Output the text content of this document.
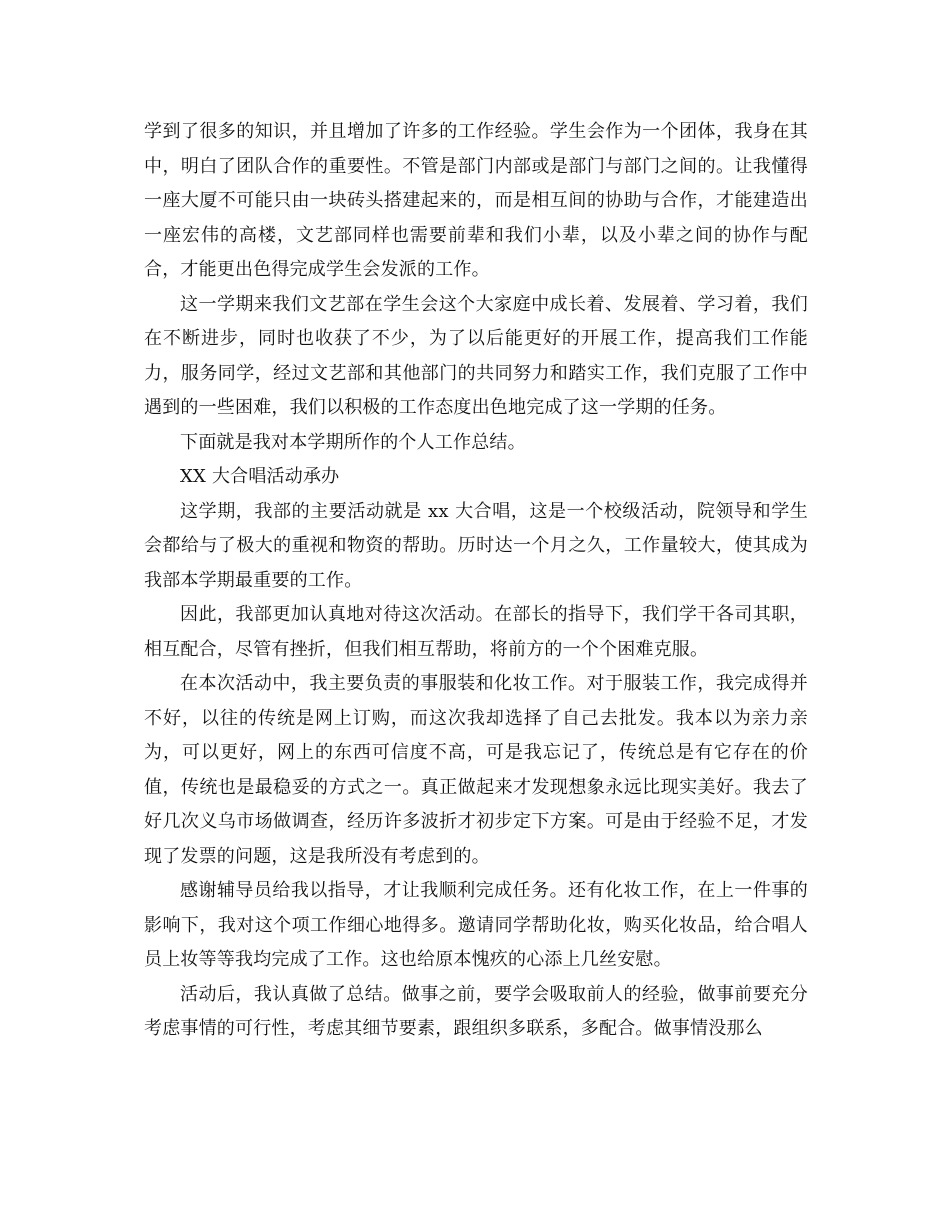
学到了很多的知识，并且增加了许多的工作经验。学生会作为一个团体，我身在其中，明白了团队合作的重要性。不管是部门内部或是部门与部门之间的。让我懂得一座大厦不可能只由一块砖头搭建起来的，而是相互间的协助与合作，才能建造出一座宏伟的高楼，文艺部同样也需要前辈和我们小辈，以及小辈之间的协作与配合，才能更出色得完成学生会发派的工作。

这一学期来我们文艺部在学生会这个大家庭中成长着、发展着、学习着，我们在不断进步，同时也收获了不少，为了以后能更好的开展工作，提高我们工作能力，服务同学，经过文艺部和其他部门的共同努力和踏实工作，我们克服了工作中遇到的一些困难，我们以积极的工作态度出色地完成了这一学期的任务。

下面就是我对本学期所作的个人工作总结。

XX 大合唱活动承办

这学期，我部的主要活动就是 xx 大合唱，这是一个校级活动，院领导和学生会都给与了极大的重视和物资的帮助。历时达一个月之久，工作量较大，使其成为我部本学期最重要的工作。

因此，我部更加认真地对待这次活动。在部长的指导下，我们学干各司其职，相互配合，尽管有挫折，但我们相互帮助，将前方的一个个困难克服。

在本次活动中，我主要负责的事服装和化妆工作。对于服装工作，我完成得并不好，以往的传统是网上订购，而这次我却选择了自己去批发。我本以为亲力亲为，可以更好，网上的东西可信度不高，可是我忘记了，传统总是有它存在的价值，传统也是最稳妥的方式之一。真正做起来才发现想象永远比现实美好。我去了好几次义乌市场做调查，经历许多波折才初步定下方案。可是由于经验不足，才发现了发票的问题，这是我所没有考虑到的。

感谢辅导员给我以指导，才让我顺利完成任务。还有化妆工作，在上一件事的影响下，我对这个项工作细心地得多。邀请同学帮助化妆，购买化妆品，给合唱人员上妆等等我均完成了工作。这也给原本愧疚的心添上几丝安慰。

活动后，我认真做了总结。做事之前，要学会吸取前人的经验，做事前要充分考虑事情的可行性，考虑其细节要素，跟组织多联系，多配合。做事情没那么
